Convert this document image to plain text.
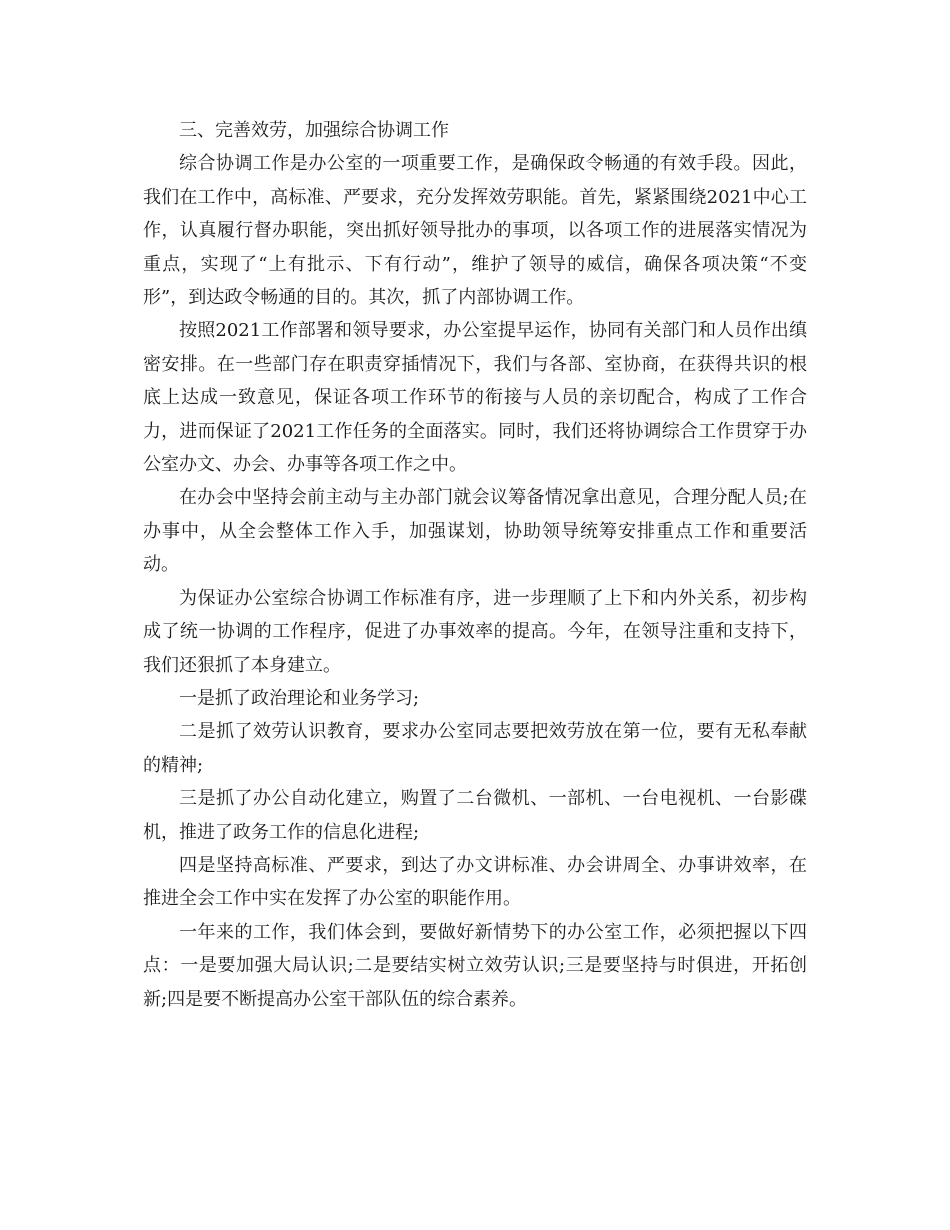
三、完善效劳，加强综合协调工作

综合协调工作是办公室的一项重要工作，是确保政令畅通的有效手段。因此，我们在工作中，高标准、严要求，充分发挥效劳职能。首先，紧紧围绕2021中心工作，认真履行督办职能，突出抓好领导批办的事项，以各项工作的进展落实情况为重点，实现了“上有批示、下有行动”，维护了领导的威信，确保各项决策“不变形”，到达政令畅通的目的。其次，抓了内部协调工作。

按照2021工作部署和领导要求，办公室提早运作，协同有关部门和人员作出缜密安排。在一些部门存在职责穿插情况下，我们与各部、室协商，在获得共识的根底上达成一致意见，保证各项工作环节的衔接与人员的亲切配合，构成了工作合力，进而保证了2021工作任务的全面落实。同时，我们还将协调综合工作贯穿于办公室办文、办会、办事等各项工作之中。

在办会中坚持会前主动与主办部门就会议筹备情况拿出意见，合理分配人员;在办事中，从全会整体工作入手，加强谋划，协助领导统筹安排重点工作和重要活动。

为保证办公室综合协调工作标准有序，进一步理顺了上下和内外关系，初步构成了统一协调的工作程序，促进了办事效率的提高。今年，在领导注重和支持下，我们还狠抓了本身建立。

一是抓了政治理论和业务学习;

二是抓了效劳认识教育，要求办公室同志要把效劳放在第一位，要有无私奉献的精神;

三是抓了办公自动化建立，购置了二台微机、一部机、一台电视机、一台影碟机，推进了政务工作的信息化进程;

四是坚持高标准、严要求，到达了办文讲标准、办会讲周全、办事讲效率，在推进全会工作中实在发挥了办公室的职能作用。

一年来的工作，我们体会到，要做好新情势下的办公室工作，必须把握以下四点：一是要加强大局认识;二是要结实树立效劳认识;三是要坚持与时俱进，开拓创新;四是要不断提高办公室干部队伍的综合素养。
